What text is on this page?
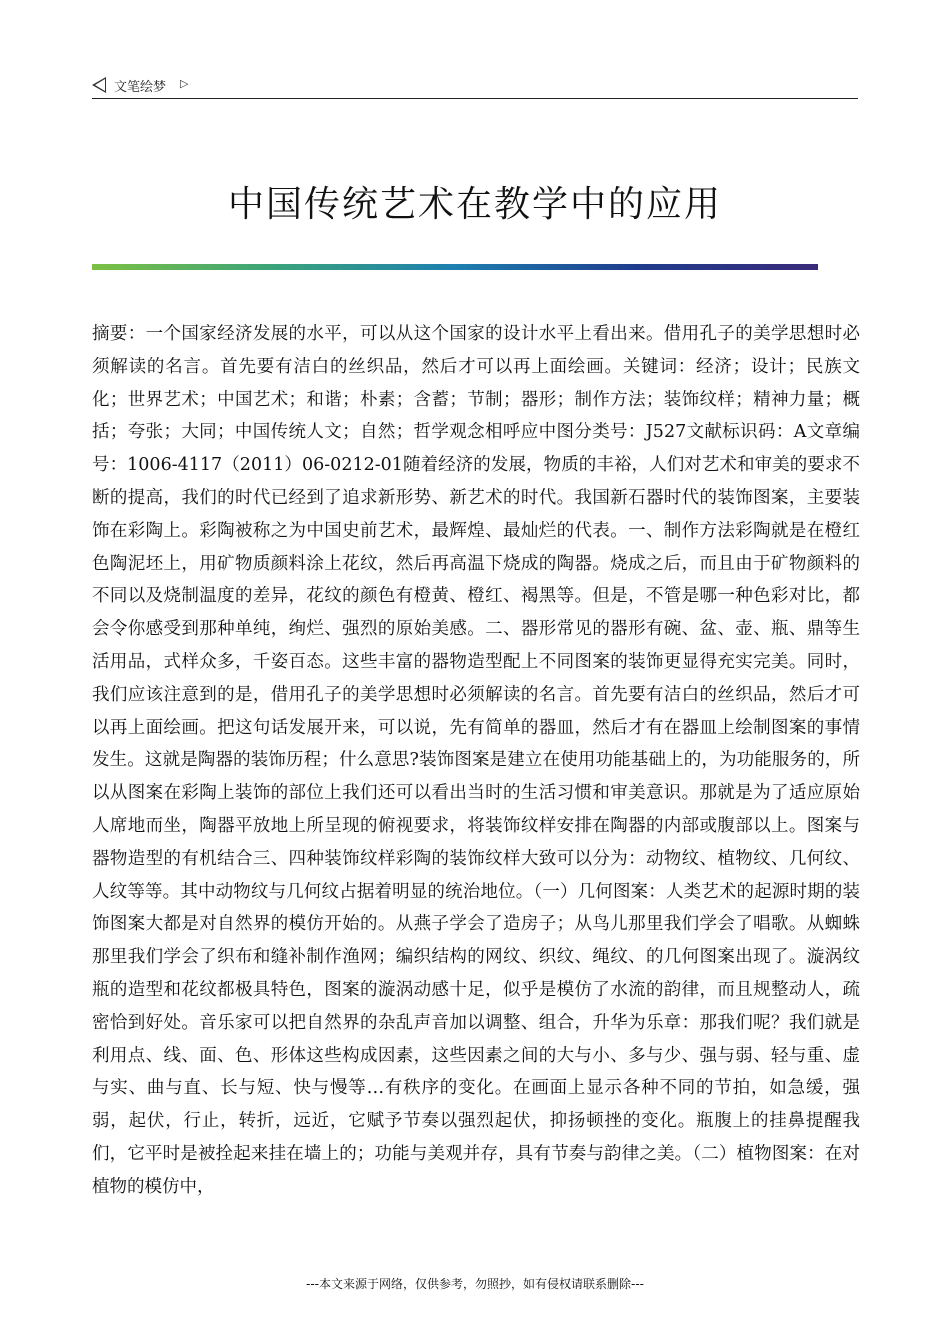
文笔绘梦 ▷
中国传统艺术在教学中的应用

摘要：一个国家经济发展的水平，可以从这个国家的设计水平上看出来。借用孔子的美学思想时必须解读的名言。首先要有洁白的丝织品，然后才可以再上面绘画。关键词：经济；设计；民族文化；世界艺术；中国艺术；和谐；朴素；含蓄；节制；器形；制作方法；装饰纹样；精神力量；概括；夸张；大同；中国传统人文；自然；哲学观念相呼应中图分类号：J527文献标识码：A文章编号：1006-4117（2011）06-0212-01随着经济的发展，物质的丰裕，人们对艺术和审美的要求不断的提高，我们的时代已经到了追求新形势、新艺术的时代。我国新石器时代的装饰图案，主要装饰在彩陶上。彩陶被称之为中国史前艺术，最辉煌、最灿烂的代表。一、制作方法彩陶就是在橙红色陶泥坯上，用矿物质颜料涂上花纹，然后再高温下烧成的陶器。烧成之后，而且由于矿物颜料的不同以及烧制温度的差异，花纹的颜色有橙黄、橙红、褐黑等。但是，不管是哪一种色彩对比，都会令你感受到那种单纯，绚烂、强烈的原始美感。二、器形常见的器形有碗、盆、壶、瓶、鼎等生活用品，式样众多，千姿百态。这些丰富的器物造型配上不同图案的装饰更显得充实完美。同时，我们应该注意到的是，借用孔子的美学思想时必须解读的名言。首先要有洁白的丝织品，然后才可以再上面绘画。把这句话发展开来，可以说，先有简单的器皿，然后才有在器皿上绘制图案的事情发生。这就是陶器的装饰历程；什么意思?装饰图案是建立在使用功能基础上的，为功能服务的，所以从图案在彩陶上装饰的部位上我们还可以看出当时的生活习惯和审美意识。那就是为了适应原始人席地而坐，陶器平放地上所呈现的俯视要求，将装饰纹样安排在陶器的内部或腹部以上。图案与器物造型的有机结合三、四种装饰纹样彩陶的装饰纹样大致可以分为：动物纹、植物纹、几何纹、人纹等等。其中动物纹与几何纹占据着明显的统治地位。（一）几何图案：人类艺术的起源时期的装饰图案大都是对自然界的模仿开始的。从燕子学会了造房子；从鸟儿那里我们学会了唱歌。从蜘蛛那里我们学会了织布和缝补制作渔网；编织结构的网纹、织纹、绳纹、的几何图案出现了。漩涡纹瓶的造型和花纹都极具特色，图案的漩涡动感十足，似乎是模仿了水流的韵律，而且规整动人，疏密恰到好处。音乐家可以把自然界的杂乱声音加以调整、组合，升华为乐章：那我们呢？我们就是利用点、线、面、色、形体这些构成因素，这些因素之间的大与小、多与少、强与弱、轻与重、虚与实、曲与直、长与短、快与慢等…有秩序的变化。在画面上显示各种不同的节拍，如急缓，强弱，起伏，行止，转折，远近，它赋予节奏以强烈起伏，抑扬顿挫的变化。瓶腹上的挂鼻提醒我们，它平时是被拴起来挂在墙上的；功能与美观并存，具有节奏与韵律之美。（二）植物图案：在对植物的模仿中，

---本文来源于网络，仅供参考，勿照抄，如有侵权请联系删除---
